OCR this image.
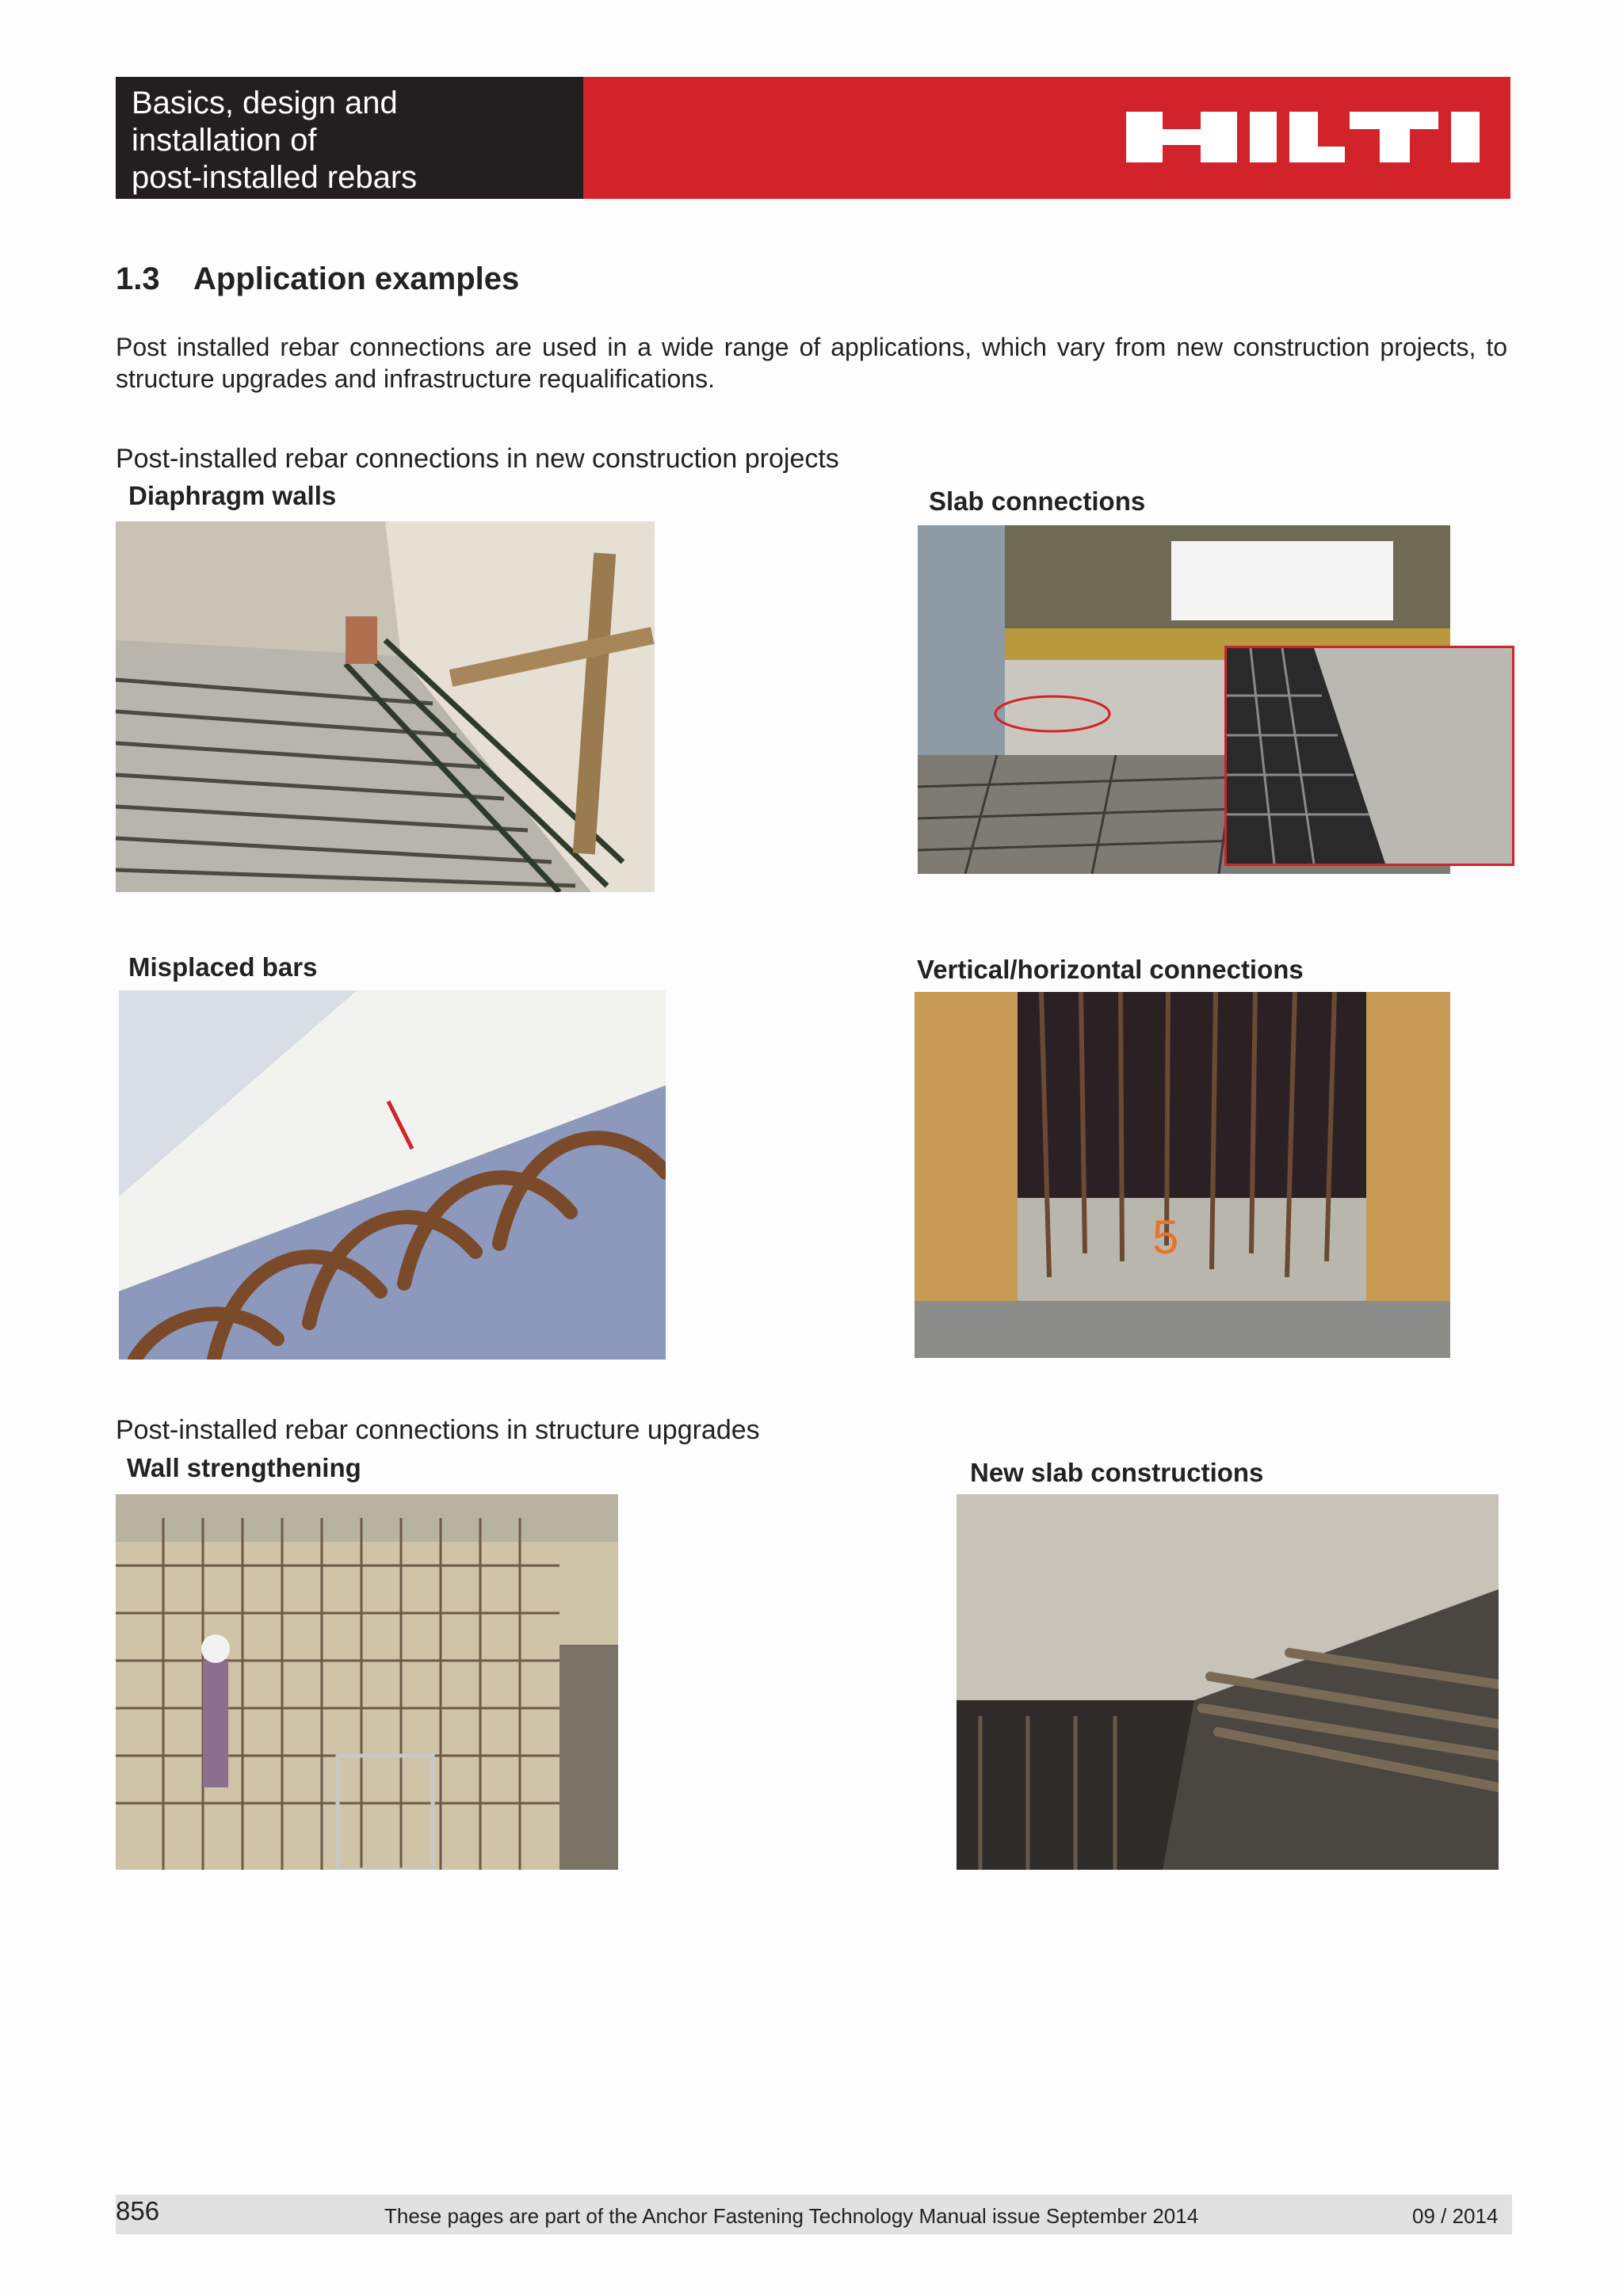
Basics, design and
installation of
post-installed rebars
1.3 Application examples
Post installed rebar connections are used in a wide range of applications, which vary from new construction projects, to structure upgrades and infrastructure requalifications.
Post-installed rebar connections in new construction projects
Diaphragm walls	Slab connections
Misplaced bars	Vertical/horizontal connections
5
Post-installed rebar connections in structure upgrades
Wall strengthening	New slab constructions
856	These pages are part of the Anchor Fastening Technology Manual issue September 2014	09 / 2014
